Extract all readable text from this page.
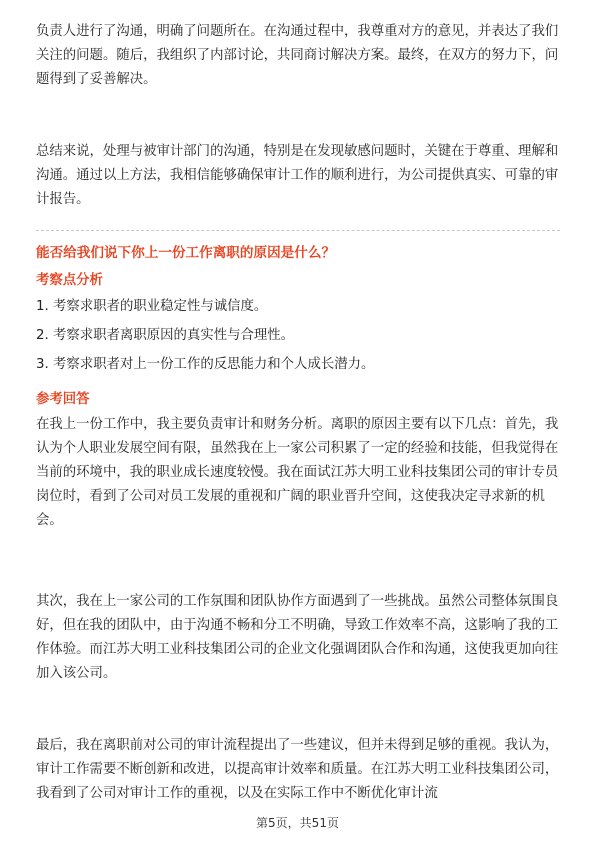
负责人进行了沟通，明确了问题所在。在沟通过程中，我尊重对方的意见，并表达了我们关注的问题。随后，我组织了内部讨论，共同商讨解决方案。最终，在双方的努力下，问题得到了妥善解决。

总结来说，处理与被审计部门的沟通，特别是在发现敏感问题时，关键在于尊重、理解和沟通。通过以上方法，我相信能够确保审计工作的顺利进行，为公司提供真实、可靠的审计报告。

能否给我们说下你上一份工作离职的原因是什么？

考察点分析

1. 考察求职者的职业稳定性与诚信度。

2. 考察求职者离职原因的真实性与合理性。

3. 考察求职者对上一份工作的反思能力和个人成长潜力。

参考回答

在我上一份工作中，我主要负责审计和财务分析。离职的原因主要有以下几点：首先，我认为个人职业发展空间有限，虽然我在上一家公司积累了一定的经验和技能，但我觉得在当前的环境中，我的职业成长速度较慢。我在面试江苏大明工业科技集团公司的审计专员岗位时，看到了公司对员工发展的重视和广阔的职业晋升空间，这使我决定寻求新的机会。

其次，我在上一家公司的工作氛围和团队协作方面遇到了一些挑战。虽然公司整体氛围良好，但在我的团队中，由于沟通不畅和分工不明确，导致工作效率不高，这影响了我的工作体验。而江苏大明工业科技集团公司的企业文化强调团队合作和沟通，这使我更加向往加入该公司。

最后，我在离职前对公司的审计流程提出了一些建议，但并未得到足够的重视。我认为，审计工作需要不断创新和改进，以提高审计效率和质量。在江苏大明工业科技集团公司，我看到了公司对审计工作的重视，以及在实际工作中不断优化审计流

第5页，共51页
